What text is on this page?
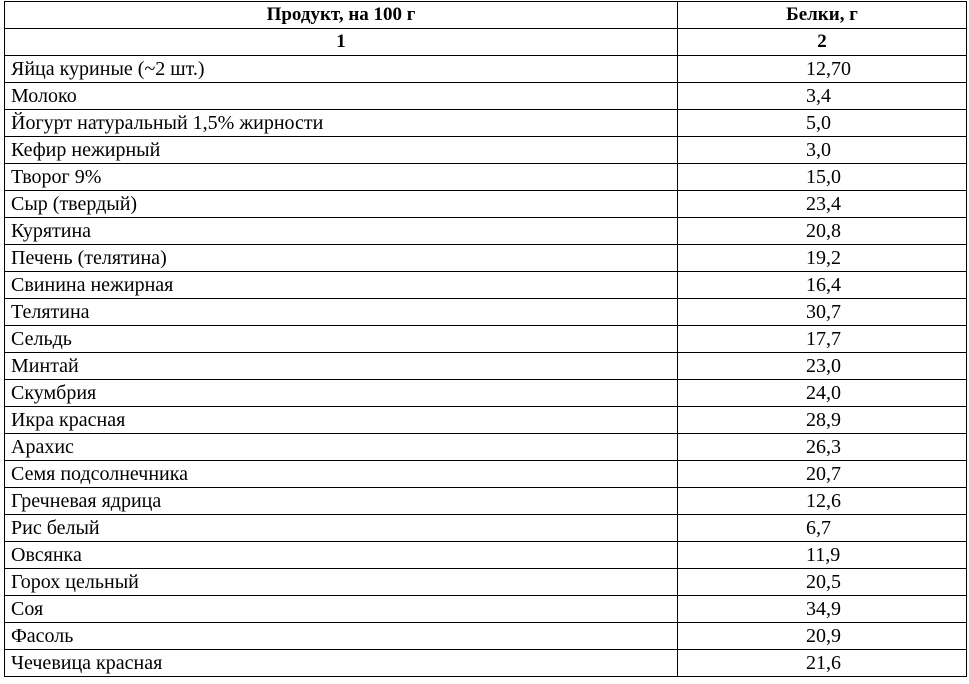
Продукт, на 100 г	Белки, г
1	2
Яйца куриные (~2 шт.)	12,70
Молоко	3,4
Йогурт натуральный 1,5% жирности	5,0
Кефир нежирный	3,0
Творог 9%	15,0
Сыр (твердый)	23,4
Курятина	20,8
Печень (телятина)	19,2
Свинина нежирная	16,4
Телятина	30,7
Сельдь	17,7
Минтай	23,0
Скумбрия	24,0
Икра красная	28,9
Арахис	26,3
Семя подсолнечника	20,7
Гречневая ядрица	12,6
Рис белый	6,7
Овсянка	11,9
Горох цельный	20,5
Соя	34,9
Фасоль	20,9
Чечевица красная	21,6
